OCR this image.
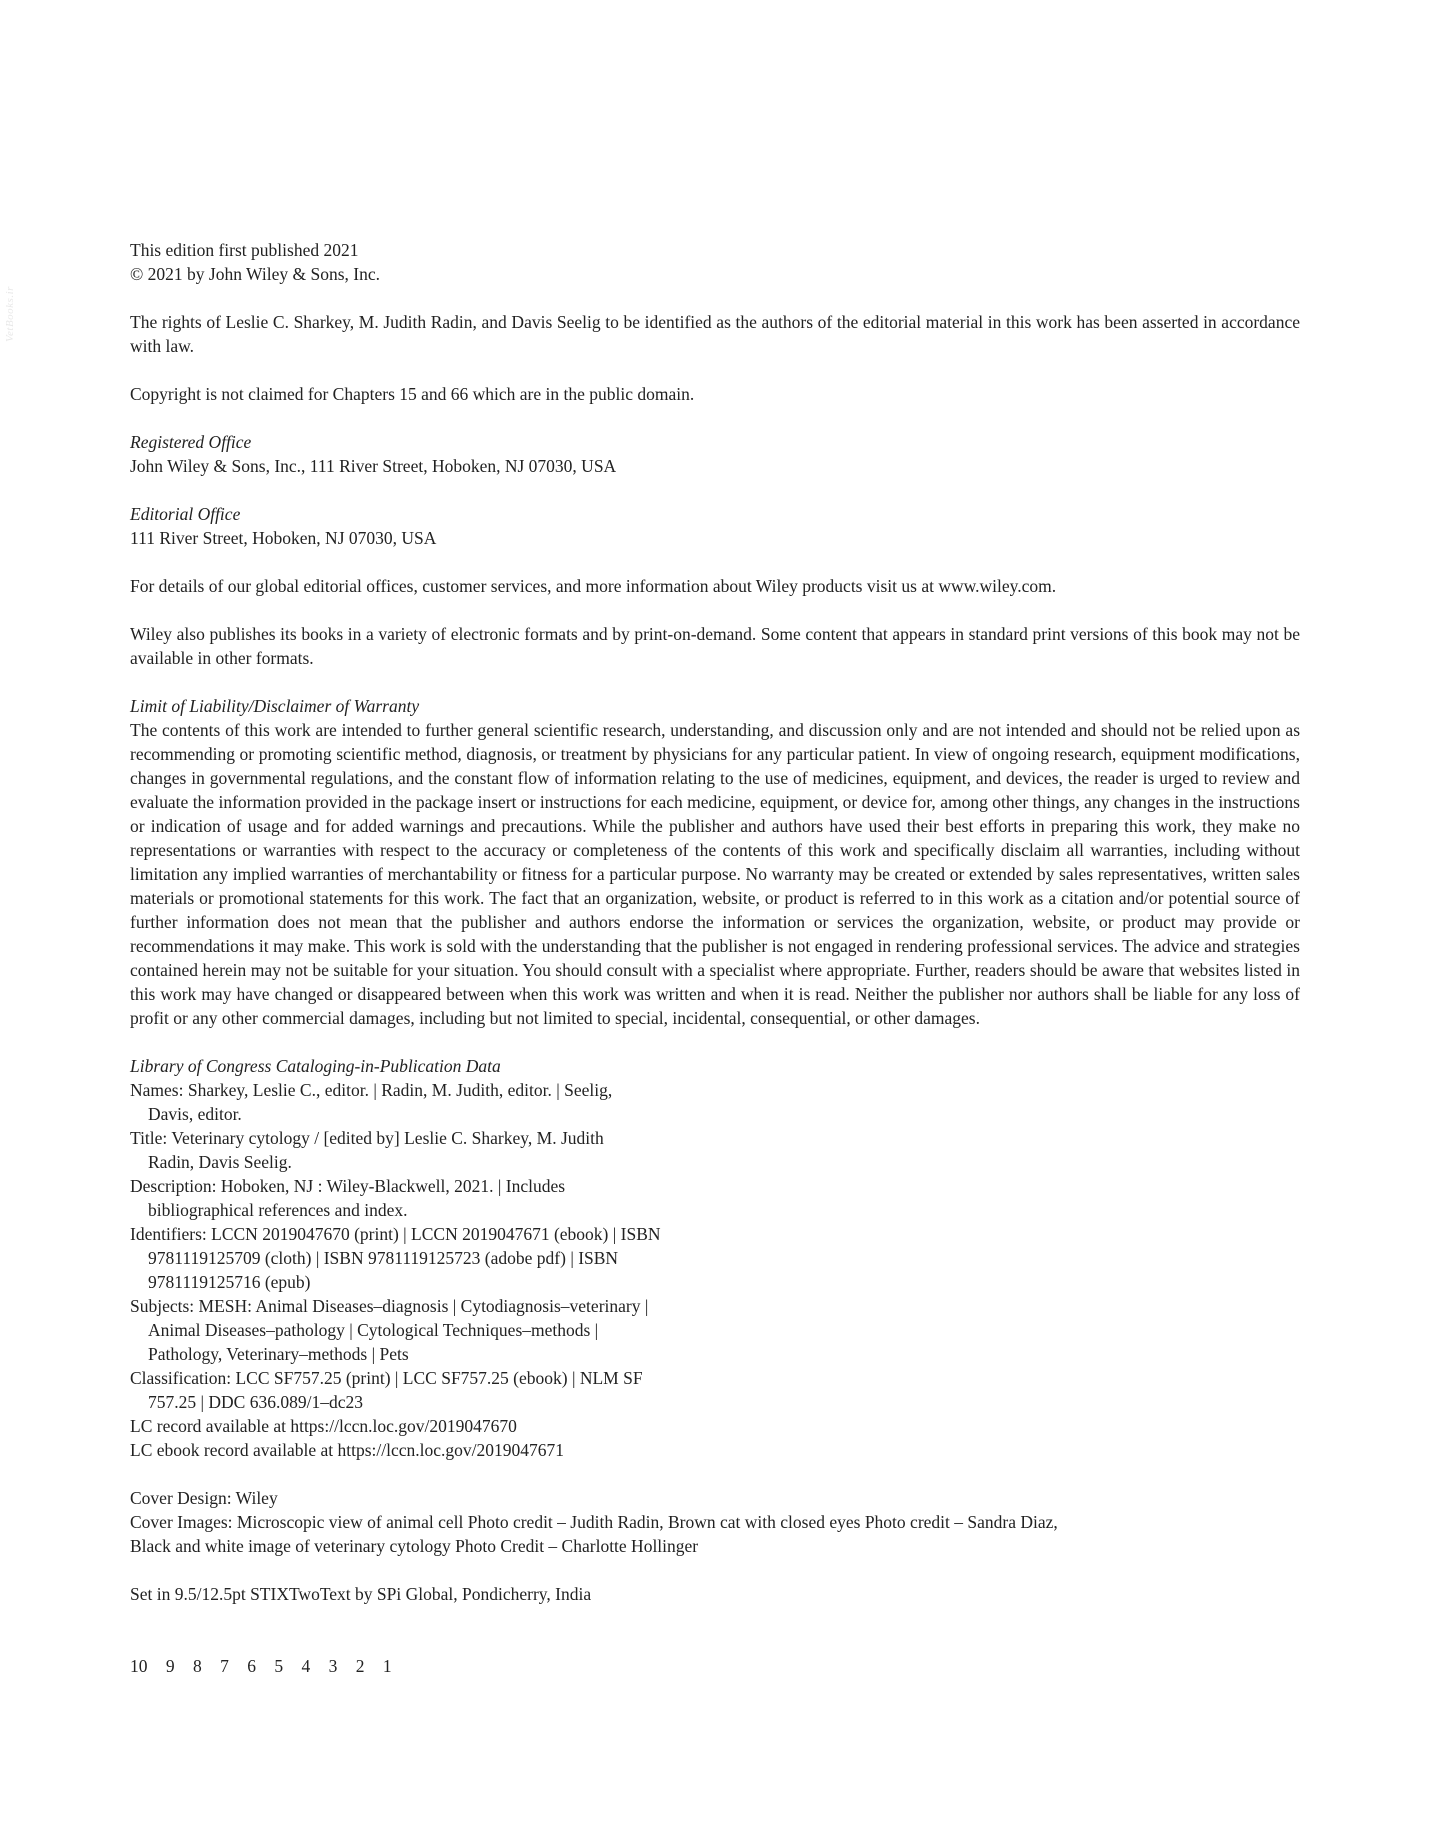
VetBooks.ir
This edition first published 2021
© 2021 by John Wiley & Sons, Inc.
The rights of Leslie C. Sharkey, M. Judith Radin, and Davis Seelig to be identified as the authors of the editorial material in this work has been asserted in accordance with law.
Copyright is not claimed for Chapters 15 and 66 which are in the public domain.
Registered Office
John Wiley & Sons, Inc., 111 River Street, Hoboken, NJ 07030, USA
Editorial Office
111 River Street, Hoboken, NJ 07030, USA
For details of our global editorial offices, customer services, and more information about Wiley products visit us at www.wiley.com.
Wiley also publishes its books in a variety of electronic formats and by print-on-demand. Some content that appears in standard print versions of this book may not be available in other formats.
Limit of Liability/Disclaimer of Warranty
The contents of this work are intended to further general scientific research, understanding, and discussion only and are not intended and should not be relied upon as recommending or promoting scientific method, diagnosis, or treatment by physicians for any particular patient. In view of ongoing research, equipment modifications, changes in governmental regulations, and the constant flow of information relating to the use of medicines, equipment, and devices, the reader is urged to review and evaluate the information provided in the package insert or instructions for each medicine, equipment, or device for, among other things, any changes in the instructions or indication of usage and for added warnings and precautions. While the publisher and authors have used their best efforts in preparing this work, they make no representations or warranties with respect to the accuracy or completeness of the contents of this work and specifically disclaim all warranties, including without limitation any implied warranties of merchantability or fitness for a particular purpose. No warranty may be created or extended by sales representatives, written sales materials or promotional statements for this work. The fact that an organization, website, or product is referred to in this work as a citation and/or potential source of further information does not mean that the publisher and authors endorse the information or services the organization, website, or product may provide or recommendations it may make. This work is sold with the understanding that the publisher is not engaged in rendering professional services. The advice and strategies contained herein may not be suitable for your situation. You should consult with a specialist where appropriate. Further, readers should be aware that websites listed in this work may have changed or disappeared between when this work was written and when it is read. Neither the publisher nor authors shall be liable for any loss of profit or any other commercial damages, including but not limited to special, incidental, consequential, or other damages.
Library of Congress Cataloging-in-Publication Data
Names: Sharkey, Leslie C., editor. | Radin, M. Judith, editor. | Seelig,
Davis, editor.
Title: Veterinary cytology / [edited by] Leslie C. Sharkey, M. Judith
Radin, Davis Seelig.
Description: Hoboken, NJ : Wiley-Blackwell, 2021. | Includes
bibliographical references and index.
Identifiers: LCCN 2019047670 (print) | LCCN 2019047671 (ebook) | ISBN
9781119125709 (cloth) | ISBN 9781119125723 (adobe pdf) | ISBN
9781119125716 (epub)
Subjects: MESH: Animal Diseases–diagnosis | Cytodiagnosis–veterinary |
Animal Diseases–pathology | Cytological Techniques–methods |
Pathology, Veterinary–methods | Pets
Classification: LCC SF757.25 (print) | LCC SF757.25 (ebook) | NLM SF
757.25 | DDC 636.089/1–dc23
LC record available at https://lccn.loc.gov/2019047670
LC ebook record available at https://lccn.loc.gov/2019047671
Cover Design: Wiley
Cover Images: Microscopic view of animal cell Photo credit – Judith Radin, Brown cat with closed eyes Photo credit – Sandra Diaz,
Black and white image of veterinary cytology Photo Credit – Charlotte Hollinger
Set in 9.5/12.5pt STIXTwoText by SPi Global, Pondicherry, India
10 9 8 7 6 5 4 3 2 1
